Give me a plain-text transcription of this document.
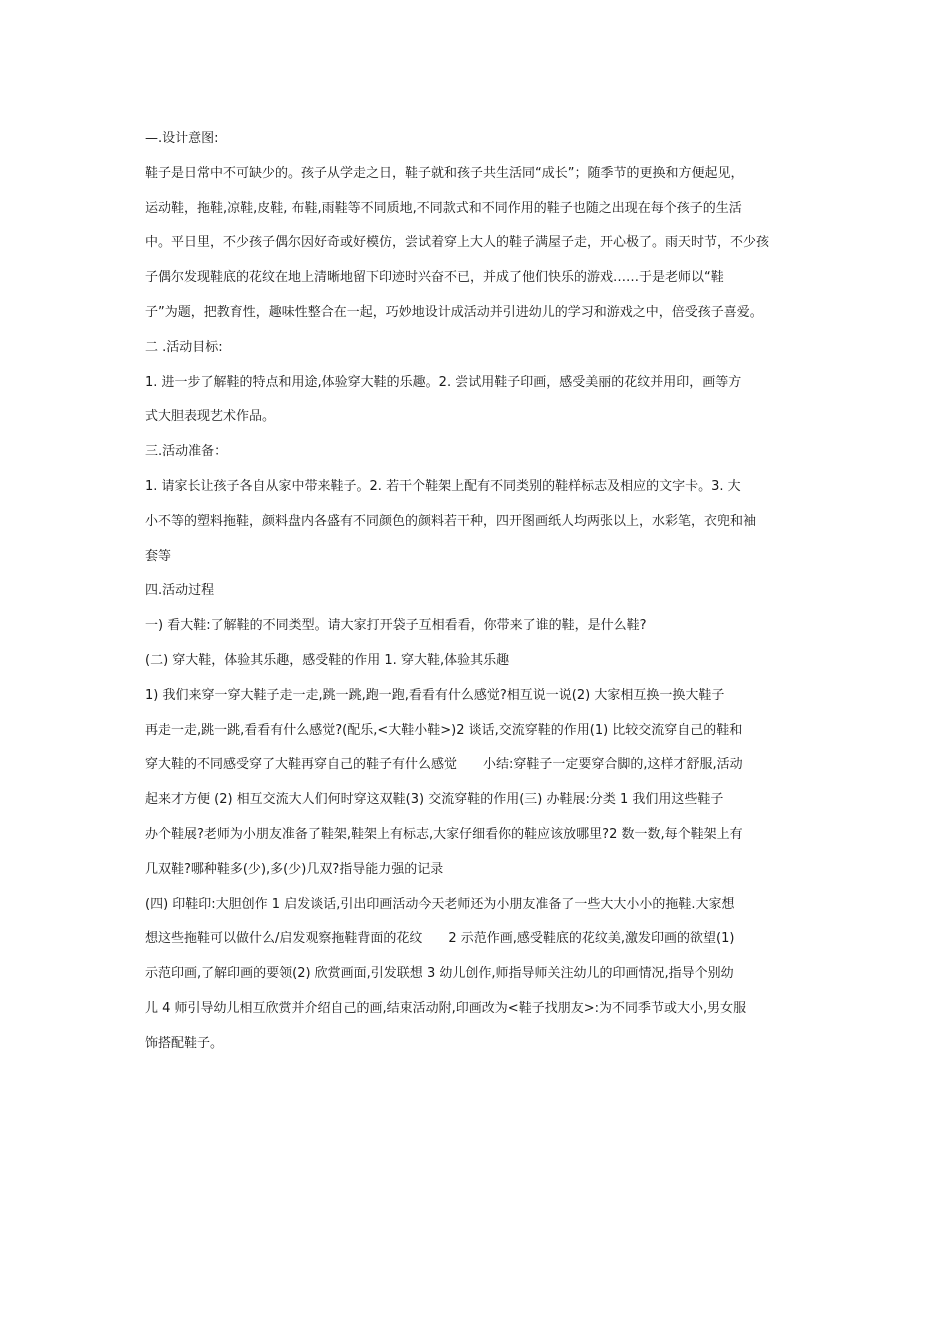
—.设计意图:
鞋子是日常中不可缺少的。孩子从学走之日，鞋子就和孩子共生活同“成长”；随季节的更换和方便起见，
运动鞋，拖鞋,凉鞋,皮鞋, 布鞋,雨鞋等不同质地,不同款式和不同作用的鞋子也随之出现在每个孩子的生活
中。平日里，不少孩子偶尔因好奇或好模仿，尝试着穿上大人的鞋子满屋子走，开心极了。雨天时节，不少孩
子偶尔发现鞋底的花纹在地上清晰地留下印迹时兴奋不已，并成了他们快乐的游戏……于是老师以“鞋
子”为题，把教育性，趣味性整合在一起，巧妙地设计成活动并引进幼儿的学习和游戏之中，倍受孩子喜爱。
二 .活动目标:
1. 进一步了解鞋的特点和用途,体验穿大鞋的乐趣。2. 尝试用鞋子印画，感受美丽的花纹并用印，画等方
式大胆表现艺术作品。
三.活动准备：
1. 请家长让孩子各自从家中带来鞋子。2. 若干个鞋架上配有不同类别的鞋样标志及相应的文字卡。3. 大
小不等的塑料拖鞋，颜料盘内各盛有不同颜色的颜料若干种，四开图画纸人均两张以上，水彩笔，衣兜和袖
套等
四.活动过程
一) 看大鞋:了解鞋的不同类型。请大家打开袋子互相看看，你带来了谁的鞋，是什么鞋?
(二) 穿大鞋，体验其乐趣，感受鞋的作用 1. 穿大鞋,体验其乐趣
1) 我们来穿一穿大鞋子走一走,跳一跳,跑一跑,看看有什么感觉?相互说一说(2) 大家相互换一换大鞋子
再走一走,跳一跳,看看有什么感觉?(配乐,<大鞋小鞋>)2 谈话,交流穿鞋的作用(1) 比较交流穿自己的鞋和
穿大鞋的不同感受穿了大鞋再穿自己的鞋子有什么感觉　　小结:穿鞋子一定要穿合脚的,这样才舒服,活动
起来才方便 (2) 相互交流大人们何时穿这双鞋(3) 交流穿鞋的作用(三) 办鞋展:分类 1 我们用这些鞋子
办个鞋展?老师为小朋友准备了鞋架,鞋架上有标志,大家仔细看你的鞋应该放哪里?2 数一数,每个鞋架上有
几双鞋?哪种鞋多(少),多(少)几双?指导能力强的记录
(四) 印鞋印:大胆创作 1 启发谈话,引出印画活动今天老师还为小朋友准备了一些大大小小的拖鞋.大家想
想这些拖鞋可以做什么/启发观察拖鞋背面的花纹　　2 示范作画,感受鞋底的花纹美,激发印画的欲望(1)
示范印画,了解印画的要领(2) 欣赏画面,引发联想 3 幼儿创作,师指导师关注幼儿的印画情况,指导个别幼
儿 4 师引导幼儿相互欣赏并介绍自己的画,结束活动附,印画改为<鞋子找朋友>:为不同季节或大小,男女服
饰搭配鞋子。
